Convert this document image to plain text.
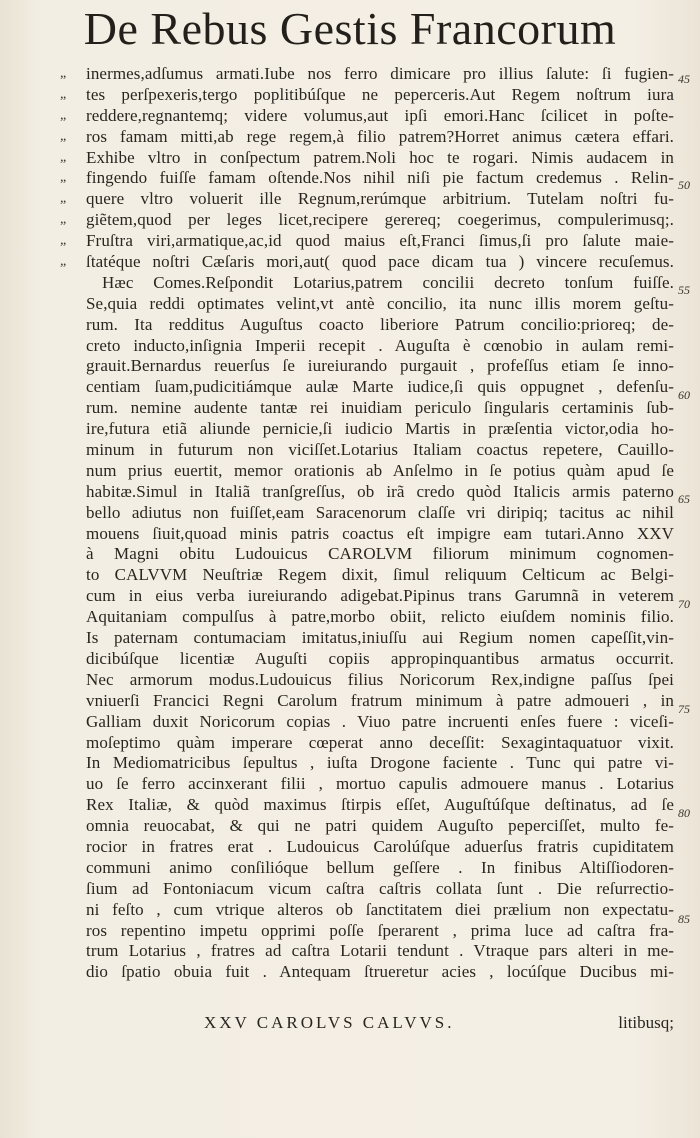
De Rebus Gestis Francorum
„
„
„
„
„
„
„
„
„
„
inermes,adſumus armati.Iube nos ferro dimicare pro illius ſalute: ſi fugien-
tes perſpexeris,tergo poplitibúſque ne peperceris.Aut Regem noſtrum iura
reddere,regnantemq; videre volumus,aut ipſi emori.Hanc ſcilicet in poſte-
ros famam mitti,ab rege regem,à filio patrem?Horret animus cætera effari.
Exhibe vltro in conſpectum patrem.Noli hoc te rogari. Nimis audacem in
fingendo fuiſſe famam oſtende.Nos nihil niſi pie factum credemus . Relin-
quere vltro voluerit ille Regnum,rerúmque arbitrium. Tutelam noſtri fu-
giẽtem,quod per leges licet,recipere gerereq; coegerimus, compulerimusq;.
Fruſtra viri,armatique,ac,id quod maius eſt,Franci ſimus,ſi pro ſalute maie-
ſtatéque noſtri Cæſaris mori,aut( quod pace dicam tua ) vincere recuſemus.
Hæc Comes.Reſpondit Lotarius,patrem concilii decreto tonſum fuiſſe.
Se,quia reddi optimates velint,vt antè concilio, ita nunc illis morem geſtu-
rum. Ita redditus Auguſtus coacto liberiore Patrum concilio:prioreq; de-
creto inducto,inſignia Imperii recepit . Auguſta è cœnobio in aulam remi-
grauit.Bernardus reuerſus ſe iureiurando purgauit , profeſſus etiam ſe inno-
centiam ſuam,pudicitiámque aulæ Marte iudice,ſi quis oppugnet , defenſu-
rum. nemine audente tantæ rei inuidiam periculo ſingularis certaminis ſub-
ire,futura etiã aliunde pernicie,ſi iudicio Martis in præſentia victor,odia ho-
minum in futurum non viciſſet.Lotarius Italiam coactus repetere, Cauillo-
num prius euertit, memor orationis ab Anſelmo in ſe potius quàm apud ſe
habitæ.Simul in Italiã tranſgreſſus, ob irã credo quòd Italicis armis paterno
bello adiutus non fuiſſet,eam Saracenorum claſſe vri diripiq; tacitus ac nihil
mouens ſiuit,quoad minis patris coactus eſt impigre eam tutari.Anno XXV
à Magni obitu Ludouicus CAROLVM filiorum minimum cognomen-
to CALVVM Neuſtriæ Regem dixit, ſimul reliquum Celticum ac Belgi-
cum in eius verba iureiurando adigebat.Pipinus trans Garumnã in veterem
Aquitaniam compulſus à patre,morbo obiit, relicto eiuſdem nominis filio.
Is paternam contumaciam imitatus,iniuſſu aui Regium nomen capeſſit,vin-
dicibúſque licentiæ Auguſti copiis appropinquantibus armatus occurrit.
Nec armorum modus.Ludouicus filius Noricorum Rex,indigne paſſus ſpei
vniuerſi Francici Regni Carolum fratrum minimum à patre admoueri , in
Galliam duxit Noricorum copias . Viuo patre incruenti enſes fuere : viceſi-
moſeptimo quàm imperare cœperat anno deceſſit: Sexagintaquatuor vixit.
In Mediomatricibus ſepultus , iuſta Drogone faciente . Tunc qui patre vi-
uo ſe ferro accinxerant filii , mortuo capulis admouere manus . Lotarius
Rex Italiæ, & quòd maximus ſtirpis eſſet, Auguſtúſque deſtinatus, ad ſe
omnia reuocabat, & qui ne patri quidem Auguſto peperciſſet, multo fe-
rocior in fratres erat . Ludouicus Carolúſque aduerſus fratris cupiditatem
communi animo conſilióque bellum geſſere . In finibus Altiſſiodoren-
ſium ad Fontoniacum vicum caſtra caſtris collata ſunt . Die reſurrectio-
ni feſto , cum vtrique alteros ob ſanctitatem diei prælium non expectatu-
ros repentino impetu opprimi poſſe ſperarent , prima luce ad caſtra fra-
trum Lotarius , fratres ad caſtra Lotarii tendunt . Vtraque pars alteri in me-
dio ſpatio obuia fuit . Antequam ſtrueretur acies , locúſque Ducibus mi-
45
50
55
60
65
70
75
80
85
XXV CAROLVS CALVVS.	litibusq;
